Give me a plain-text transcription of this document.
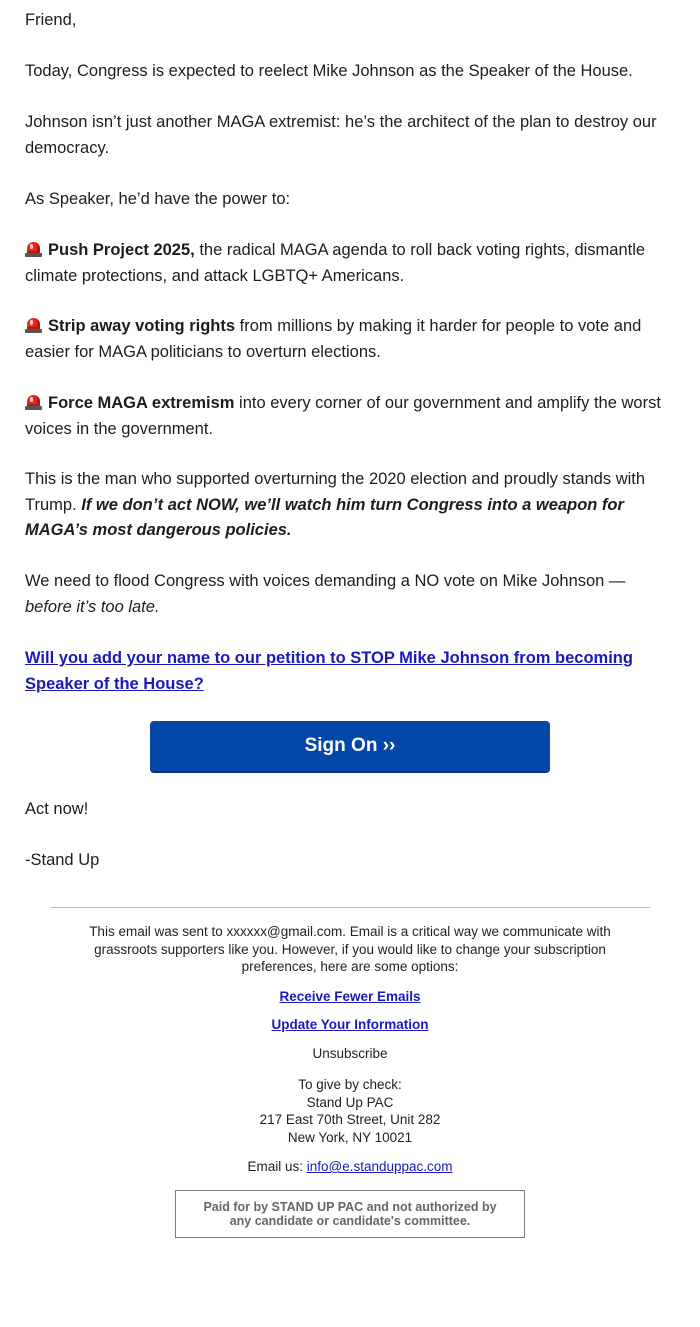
Friend,

Today, Congress is expected to reelect Mike Johnson as the Speaker of the House.

Johnson isn’t just another MAGA extremist: he’s the architect of the plan to destroy our democracy.

As Speaker, he’d have the power to:

Push Project 2025, the radical MAGA agenda to roll back voting rights, dismantle climate protections, and attack LGBTQ+ Americans.

Strip away voting rights from millions by making it harder for people to vote and easier for MAGA politicians to overturn elections.

Force MAGA extremism into every corner of our government and amplify the worst voices in the government.

This is the man who supported overturning the 2020 election and proudly stands with Trump. If we don’t act NOW, we’ll watch him turn Congress into a weapon for MAGA’s most dangerous policies.

We need to flood Congress with voices demanding a NO vote on Mike Johnson — before it’s too late.

Will you add your name to our petition to STOP Mike Johnson from becoming Speaker of the House?

Sign On ››

Act now!

-Stand Up

This email was sent to xxxxxx@gmail.com. Email is a critical way we communicate with grassroots supporters like you. However, if you would like to change your subscription preferences, here are some options:

Receive Fewer Emails

Update Your Information

Unsubscribe

To give by check:
Stand Up PAC
217 East 70th Street, Unit 282
New York, NY 10021

Email us: info@e.standuppac.com

Paid for by STAND UP PAC and not authorized by any candidate or candidate's committee.
